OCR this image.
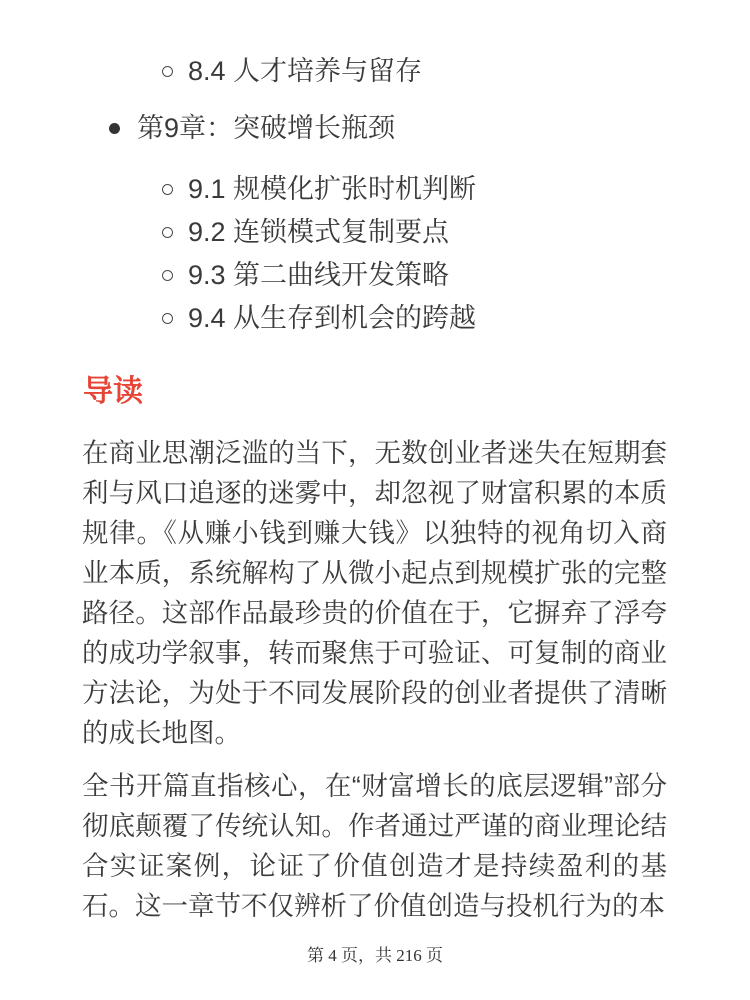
8.4 人才培养与留存
第9章：突破增长瓶颈
9.1 规模化扩张时机判断
9.2 连锁模式复制要点
9.3 第二曲线开发策略
9.4 从生存到机会的跨越
导读

在商业思潮泛滥的当下，无数创业者迷失在短期套利与风口追逐的迷雾中，却忽视了财富积累的本质规律。《从赚小钱到赚大钱》以独特的视角切入商业本质，系统解构了从微小起点到规模扩张的完整路径。这部作品最珍贵的价值在于，它摒弃了浮夸的成功学叙事，转而聚焦于可验证、可复制的商业方法论，为处于不同发展阶段的创业者提供了清晰的成长地图。

全书开篇直指核心，在“财富增长的底层逻辑”部分彻底颠覆了传统认知。作者通过严谨的商业理论结合实证案例，论证了价值创造才是持续盈利的基石。这一章节不仅辨析了价值创造与投机行为的本

第 4 页，共 216 页
